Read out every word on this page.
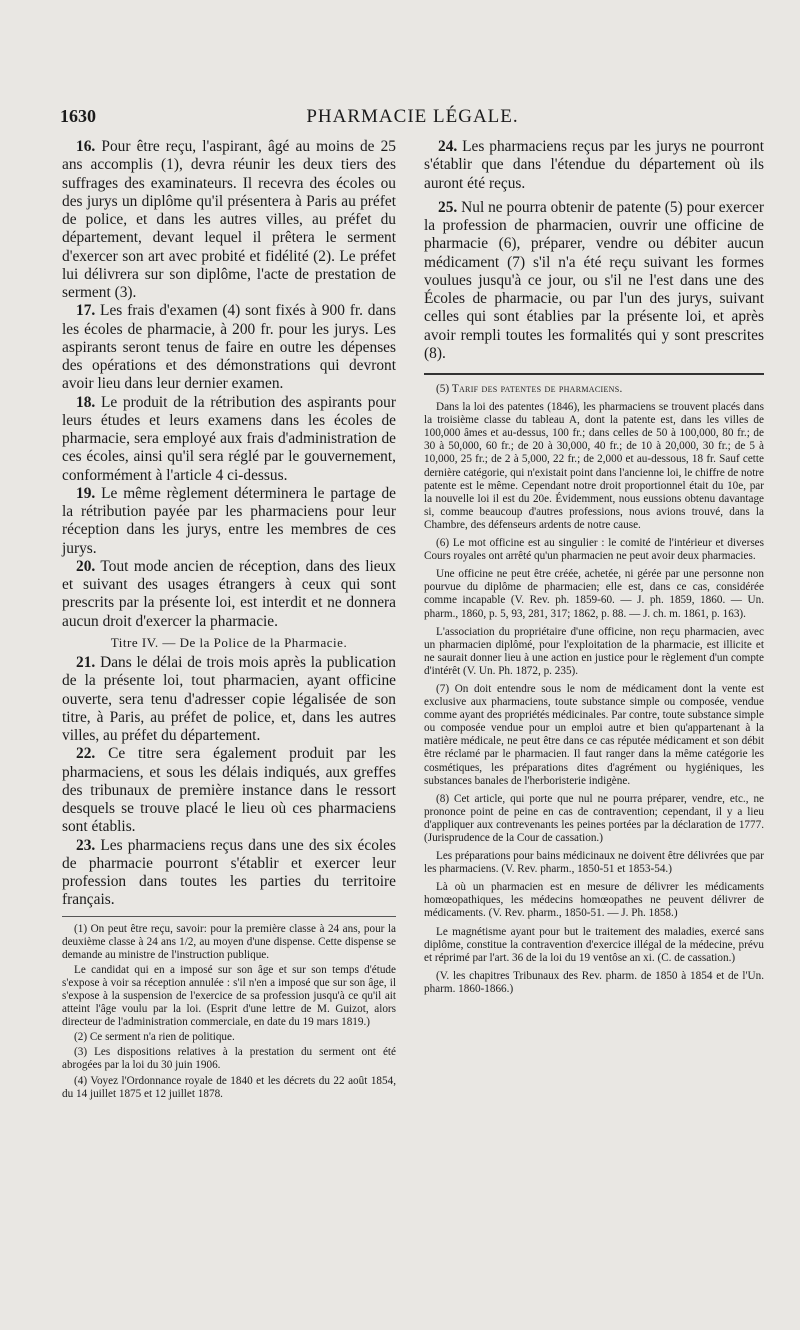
1630	PHARMACIE LÉGALE.

16. Pour être reçu, l'aspirant, âgé au moins de 25 ans accomplis (1), devra réunir les deux tiers des suffrages des examinateurs. Il recevra des écoles ou des jurys un diplôme qu'il présentera à Paris au préfet de police, et dans les autres villes, au préfet du département, devant lequel il prêtera le serment d'exercer son art avec probité et fidélité (2). Le préfet lui délivrera sur son diplôme, l'acte de prestation de serment (3).

17. Les frais d'examen (4) sont fixés à 900 fr. dans les écoles de pharmacie, à 200 fr. pour les jurys. Les aspirants seront tenus de faire en outre les dépenses des opérations et des démonstrations qui devront avoir lieu dans leur dernier examen.

18. Le produit de la rétribution des aspirants pour leurs études et leurs examens dans les écoles de pharmacie, sera employé aux frais d'administration de ces écoles, ainsi qu'il sera réglé par le gouvernement, conformément à l'article 4 ci-dessus.

19. Le même règlement déterminera le partage de la rétribution payée par les pharmaciens pour leur réception dans les jurys, entre les membres de ces jurys.

20. Tout mode ancien de réception, dans des lieux et suivant des usages étrangers à ceux qui sont prescrits par la présente loi, est interdit et ne donnera aucun droit d'exercer la pharmacie.

Titre IV. — De la Police de la Pharmacie.

21. Dans le délai de trois mois après la publication de la présente loi, tout pharmacien, ayant officine ouverte, sera tenu d'adresser copie légalisée de son titre, à Paris, au préfet de police, et, dans les autres villes, au préfet du département.

22. Ce titre sera également produit par les pharmaciens, et sous les délais indiqués, aux greffes des tribunaux de première instance dans le ressort desquels se trouve placé le lieu où ces pharmaciens sont établis.

23. Les pharmaciens reçus dans une des six écoles de pharmacie pourront s'établir et exercer leur profession dans toutes les parties du territoire français.

(1) On peut être reçu, savoir: pour la première classe à 24 ans, pour la deuxième classe à 24 ans 1/2, au moyen d'une dispense. Cette dispense se demande au ministre de l'instruction publique.

Le candidat qui en a imposé sur son âge et sur son temps d'étude s'expose à voir sa réception annulée : s'il n'en a imposé que sur son âge, il s'expose à la suspension de l'exercice de sa profession jusqu'à ce qu'il ait atteint l'âge voulu par la loi. (Esprit d'une lettre de M. Guizot, alors directeur de l'administration commerciale, en date du 19 mars 1819.)

(2) Ce serment n'a rien de politique.

(3) Les dispositions relatives à la prestation du serment ont été abrogées par la loi du 30 juin 1906.

(4) Voyez l'Ordonnance royale de 1840 et les décrets du 22 août 1854, du 14 juillet 1875 et 12 juillet 1878.

24. Les pharmaciens reçus par les jurys ne pourront s'établir que dans l'étendue du département où ils auront été reçus.

25. Nul ne pourra obtenir de patente (5) pour exercer la profession de pharmacien, ouvrir une officine de pharmacie (6), préparer, vendre ou débiter aucun médicament (7) s'il n'a été reçu suivant les formes voulues jusqu'à ce jour, ou s'il ne l'est dans une des Écoles de pharmacie, ou par l'un des jurys, suivant celles qui sont établies par la présente loi, et après avoir rempli toutes les formalités qui y sont prescrites (8).

(5) Tarif des patentes de pharmaciens.

Dans la loi des patentes (1846), les pharmaciens se trouvent placés dans la troisième classe du tableau A, dont la patente est, dans les villes de 100,000 âmes et au-dessus, 100 fr.; dans celles de 50 à 100,000, 80 fr.; de 30 à 50,000, 60 fr.; de 20 à 30,000, 40 fr.; de 10 à 20,000, 30 fr.; de 5 à 10,000, 25 fr.; de 2 à 5,000, 22 fr.; de 2,000 et au-dessous, 18 fr. Sauf cette dernière catégorie, qui n'existait point dans l'ancienne loi, le chiffre de notre patente est le même. Cependant notre droit proportionnel était du 10e, par la nouvelle loi il est du 20e. Évidemment, nous eussions obtenu davantage si, comme beaucoup d'autres professions, nous avions trouvé, dans la Chambre, des défenseurs ardents de notre cause.

(6) Le mot officine est au singulier : le comité de l'intérieur et diverses Cours royales ont arrêté qu'un pharmacien ne peut avoir deux pharmacies.

Une officine ne peut être créée, achetée, ni gérée par une personne non pourvue du diplôme de pharmacien; elle est, dans ce cas, considérée comme incapable (V. Rev. ph. 1859-60. — J. ph. 1859, 1860. — Un. pharm., 1860, p. 5, 93, 281, 317; 1862, p. 88. — J. ch. m. 1861, p. 163).

L'association du propriétaire d'une officine, non reçu pharmacien, avec un pharmacien diplômé, pour l'exploitation de la pharmacie, est illicite et ne saurait donner lieu à une action en justice pour le règlement d'un compte d'intérêt (V. Un. Ph. 1872, p. 235).

(7) On doit entendre sous le nom de médicament dont la vente est exclusive aux pharmaciens, toute substance simple ou composée, vendue comme ayant des propriétés médicinales. Par contre, toute substance simple ou composée vendue pour un emploi autre et bien qu'appartenant à la matière médicale, ne peut être dans ce cas réputée médicament et son débit être réclamé par le pharmacien. Il faut ranger dans la même catégorie les cosmétiques, les préparations dites d'agrément ou hygiéniques, les substances banales de l'herboristerie indigène.

(8) Cet article, qui porte que nul ne pourra préparer, vendre, etc., ne prononce point de peine en cas de contravention; cependant, il y a lieu d'appliquer aux contrevenants les peines portées par la déclaration de 1777. (Jurisprudence de la Cour de cassation.)

Les préparations pour bains médicinaux ne doivent être délivrées que par les pharmaciens. (V. Rev. pharm., 1850-51 et 1853-54.)

Là où un pharmacien est en mesure de délivrer les médicaments homœopathiques, les médecins homœopathes ne peuvent délivrer de médicaments. (V. Rev. pharm., 1850-51. — J. Ph. 1858.)

Le magnétisme ayant pour but le traitement des maladies, exercé sans diplôme, constitue la contravention d'exercice illégal de la médecine, prévu et réprimé par l'art. 36 de la loi du 19 ventôse an xi. (C. de cassation.)

(V. les chapitres Tribunaux des Rev. pharm. de 1850 à 1854 et de l'Un. pharm. 1860-1866.)
